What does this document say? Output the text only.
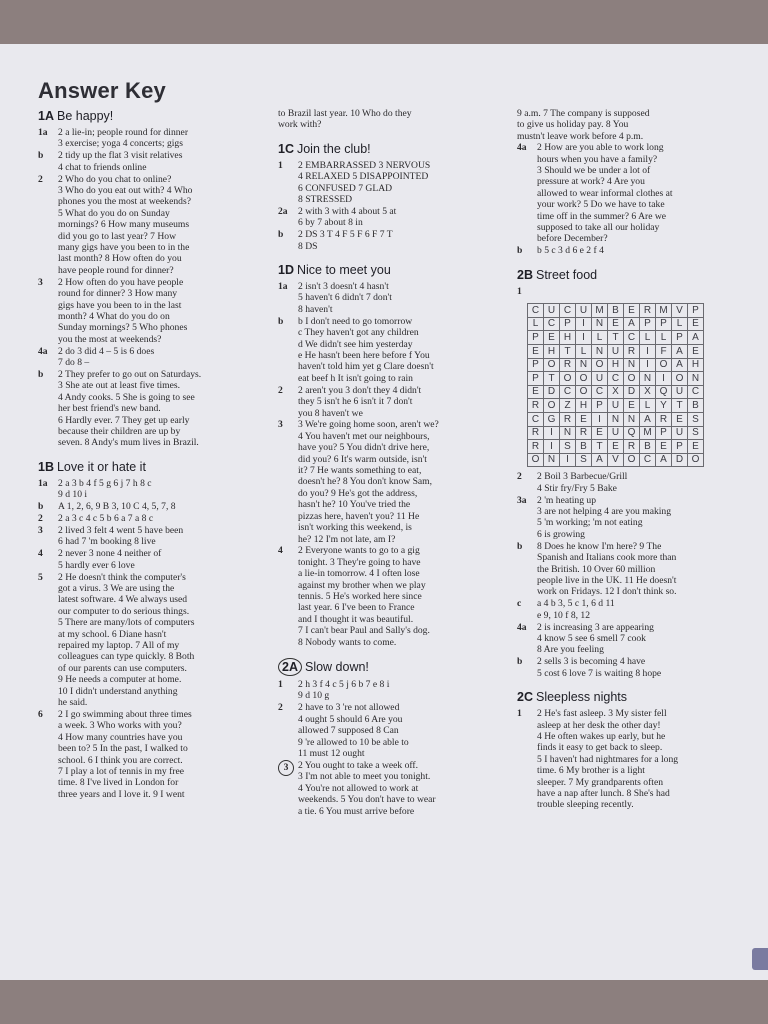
Answer Key
1A Be happy!
1a	2 a lie-in; people round for dinner
3 exercise; yoga 4 concerts; gigs
b	2 tidy up the flat 3 visit relatives
4 chat to friends online
2	2 Who do you chat to online?
3 Who do you eat out with? 4 Who
phones you the most at weekends?
5 What do you do on Sunday
mornings? 6 How many museums
did you go to last year? 7 How
many gigs have you been to in the
last month? 8 How often do you
have people round for dinner?
3	2 How often do you have people
round for dinner? 3 How many
gigs have you been to in the last
month? 4 What do you do on
Sunday mornings? 5 Who phones
you the most at weekends?
4a	2 do 3 did 4 – 5 is 6 does
7 do 8 –
b	2 They prefer to go out on Saturdays.
3 She ate out at least five times.
4 Andy cooks. 5 She is going to see
her best friend's new band.
6 Hardly ever. 7 They get up early
because their children are up by
seven. 8 Andy's mum lives in Brazil.
1B Love it or hate it
1a	2 a 3 b 4 f 5 g 6 j 7 h 8 c
9 d 10 i
b	A 1, 2, 6, 9 B 3, 10 C 4, 5, 7, 8
2	2 a 3 c 4 c 5 b 6 a 7 a 8 c
3	2 lived 3 felt 4 went 5 have been
6 had 7 'm booking 8 live
4	2 never 3 none 4 neither of
5 hardly ever 6 love
5	2 He doesn't think the computer's
got a virus. 3 We are using the
latest software. 4 We always used
our computer to do serious things.
5 There are many/lots of computers
at my school. 6 Diane hasn't
repaired my laptop. 7 All of my
colleagues can type quickly. 8 Both
of our parents can use computers.
9 He needs a computer at home.
10 I didn't understand anything
he said.
6	2 I go swimming about three times
a week. 3 Who works with you?
4 How many countries have you
been to? 5 In the past, I walked to
school. 6 I think you are correct.
7 I play a lot of tennis in my free
time. 8 I've lived in London for
three years and I love it. 9 I went
to Brazil last year. 10 Who do they
work with?
1C Join the club!
1	2 EMBARRASSED 3 NERVOUS
4 RELAXED 5 DISAPPOINTED
6 CONFUSED 7 GLAD
8 STRESSED
2a	2 with 3 with 4 about 5 at
6 by 7 about 8 in
b	2 DS 3 T 4 F 5 F 6 F 7 T
8 DS
1D Nice to meet you
1a	2 isn't 3 doesn't 4 hasn't
5 haven't 6 didn't 7 don't
8 haven't
b	b I don't need to go tomorrow
c They haven't got any children
d We didn't see him yesterday
e He hasn't been here before f You
haven't told him yet g Clare doesn't
eat beef h It isn't going to rain
2	2 aren't you 3 don't they 4 didn't
they 5 isn't he 6 isn't it 7 don't
you 8 haven't we
3	3 We're going home soon, aren't we?
4 You haven't met our neighbours,
have you? 5 You didn't drive here,
did you? 6 It's warm outside, isn't
it? 7 He wants something to eat,
doesn't he? 8 You don't know Sam,
do you? 9 He's got the address,
hasn't he? 10 You've tried the
pizzas here, haven't you? 11 He
isn't working this weekend, is
he? 12 I'm not late, am I?
4	2 Everyone wants to go to a gig
tonight. 3 They're going to have
a lie-in tomorrow. 4 I often lose
against my brother when we play
tennis. 5 He's worked here since
last year. 6 I've been to France
and I thought it was beautiful.
7 I can't bear Paul and Sally's dog.
8 Nobody wants to come.
2A Slow down!
1	2 h 3 f 4 c 5 j 6 b 7 e 8 i
9 d 10 g
2	2 have to 3 're not allowed
4 ought 5 should 6 Are you
allowed 7 supposed 8 Can
9 're allowed to 10 be able to
11 must 12 ought
3	2 You ought to take a week off.
3 I'm not able to meet you tonight.
4 You're not allowed to work at
weekends. 5 You don't have to wear
a tie. 6 You must arrive before
9 a.m. 7 The company is supposed
to give us holiday pay. 8 You
mustn't leave work before 4 p.m.
4a	2 How are you able to work long
hours when you have a family?
3 Should we be under a lot of
pressure at work? 4 Are you
allowed to wear informal clothes at
your work? 5 Do we have to take
time off in the summer? 6 Are we
supposed to take all our holiday
before December?
b	b 5 c 3 d 6 e 2 f 4
2B Street food
1
C	U	C	U	M	B	E	R	M	V	P
L	C	P	I	N	E	A	P	P	L	E
P	E	H	I	L	T	C	L	L	P	A
E	H	T	L	N	U	R	I	F	A	E
P	O	R	N	O	H	N	I	O	A	H
P	T	O	O	U	C	O	N	I	O	N
E	D	C	O	C	X	D	X	Q	U	C
R	O	Z	H	P	U	E	L	Y	T	B
C	G	R	E	I	N	N	A	R	E	S
R	I	N	R	E	U	Q	M	P	U	S
R	I	S	B	T	E	R	B	E	P	E
O	N	I	S	A	V	O	C	A	D	O
2	2 Boil 3 Barbecue/Grill
4 Stir fry/Fry 5 Bake
3a	2 'm heating up
3 are not helping 4 are you making
5 'm working; 'm not eating
6 is growing
b	8 Does he know I'm here? 9 The
Spanish and Italians cook more than
the British. 10 Over 60 million
people live in the UK. 11 He doesn't
work on Fridays. 12 I don't think so.
c	a 4 b 3, 5 c 1, 6 d 11
e 9, 10 f 8, 12
4a	2 is increasing 3 are appearing
4 know 5 see 6 smell 7 cook
8 Are you feeling
b	2 sells 3 is becoming 4 have
5 cost 6 love 7 is waiting 8 hope
2C Sleepless nights
1	2 He's fast asleep. 3 My sister fell
asleep at her desk the other day!
4 He often wakes up early, but he
finds it easy to get back to sleep.
5 I haven't had nightmares for a long
time. 6 My brother is a light
sleeper. 7 My grandparents often
have a nap after lunch. 8 She's had
trouble sleeping recently.
